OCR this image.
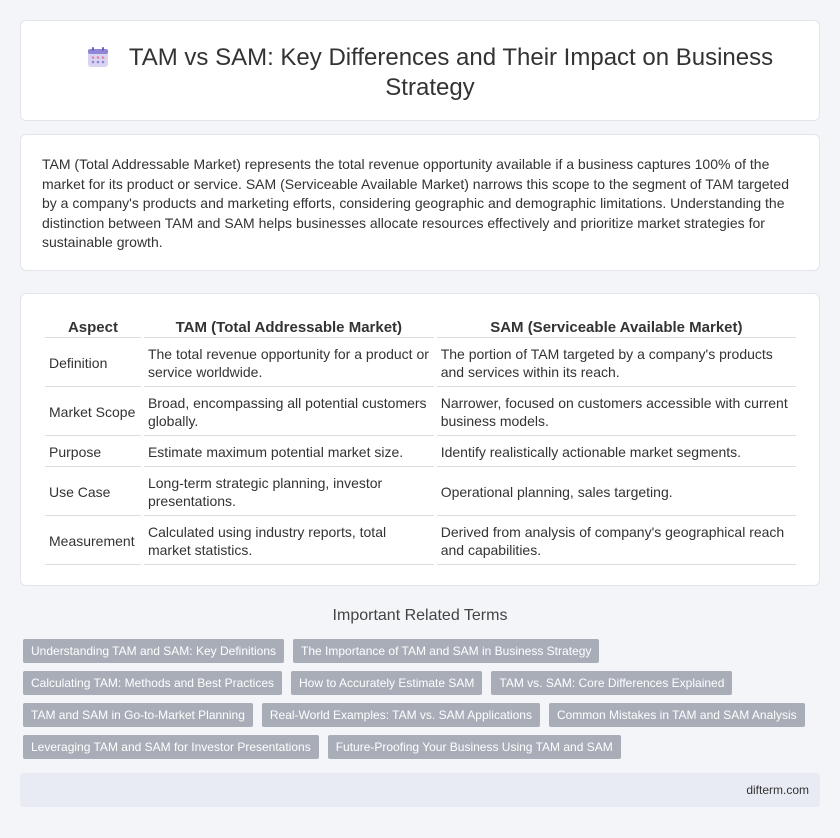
TAM vs SAM: Key Differences and Their Impact on Business Strategy

TAM (Total Addressable Market) represents the total revenue opportunity available if a business captures 100% of the market for its product or service. SAM (Serviceable Available Market) narrows this scope to the segment of TAM targeted by a company's products and marketing efforts, considering geographic and demographic limitations. Understanding the distinction between TAM and SAM helps businesses allocate resources effectively and prioritize market strategies for sustainable growth.

Aspect	TAM (Total Addressable Market)	SAM (Serviceable Available Market)
Definition	The total revenue opportunity for a product or service worldwide.	The portion of TAM targeted by a company's products and services within its reach.
Market Scope	Broad, encompassing all potential customers globally.	Narrower, focused on customers accessible with current business models.
Purpose	Estimate maximum potential market size.	Identify realistically actionable market segments.
Use Case	Long-term strategic planning, investor presentations.	Operational planning, sales targeting.
Measurement	Calculated using industry reports, total market statistics.	Derived from analysis of company's geographical reach and capabilities.
Important Related Terms
Understanding TAM and SAM: Key Definitions	The Importance of TAM and SAM in Business Strategy
Calculating TAM: Methods and Best Practices	How to Accurately Estimate SAM	TAM vs. SAM: Core Differences Explained
TAM and SAM in Go-to-Market Planning	Real-World Examples: TAM vs. SAM Applications	Common Mistakes in TAM and SAM Analysis
Leveraging TAM and SAM for Investor Presentations	Future-Proofing Your Business Using TAM and SAM
difterm.com
